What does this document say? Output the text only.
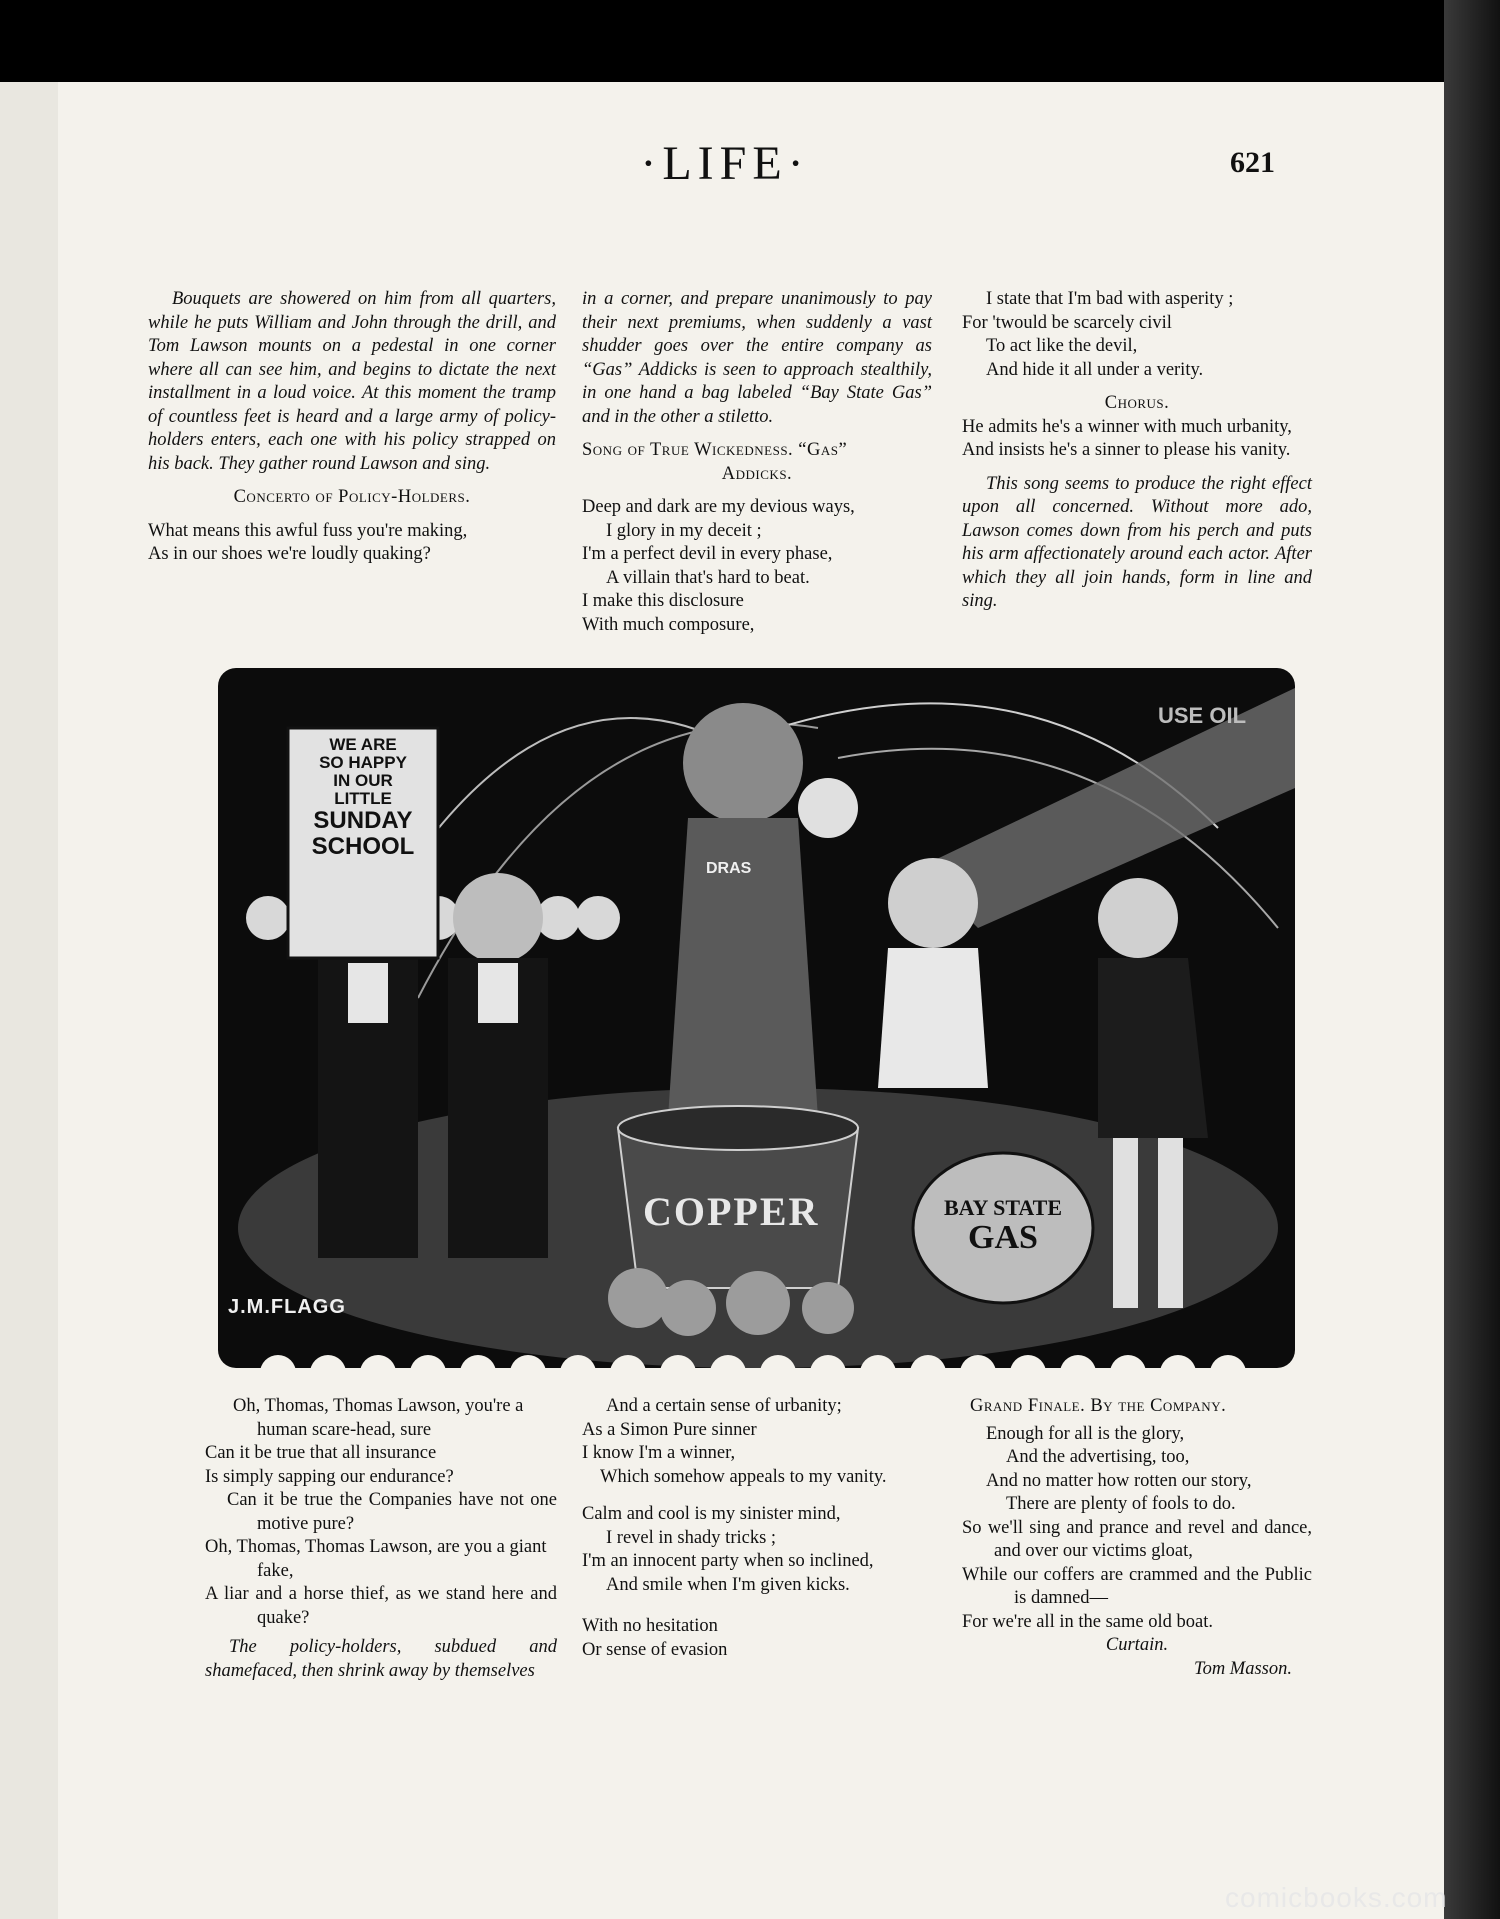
·LIFE·	621

Bouquets are showered on him from all quarters, while he puts William and John through the drill, and Tom Lawson mounts on a pedestal in one corner where all can see him, and begins to dictate the next installment in a loud voice. At this moment the tramp of countless feet is heard and a large army of policy-holders enters, each one with his policy strapped on his back. They gather round Lawson and sing.

Concerto of Policy-Holders.

What means this awful fuss you're making,

As in our shoes we're loudly quaking?

in a corner, and prepare unanimously to pay their next premiums, when suddenly a vast shudder goes over the entire company as “Gas” Addicks is seen to approach stealthily, in one hand a bag labeled “Bay State Gas” and in the other a stiletto.

Song of True Wickedness. “Gas”

Addicks.

Deep and dark are my devious ways,

I glory in my deceit ;

I'm a perfect devil in every phase,

A villain that's hard to beat.

I make this disclosure

With much composure,

I state that I'm bad with asperity ;

For 'twould be scarcely civil

To act like the devil,

And hide it all under a verity.

Chorus.

He admits he's a winner with much urbanity,

And insists he's a sinner to please his vanity.

This song seems to produce the right effect upon all concerned. Without more ado, Lawson comes down from his perch and puts his arm affectionately around each actor. After which they all join hands, form in line and sing.

USE OIL
DRAS
WE ARE
SO HAPPY
IN OUR
LITTLE
SUNDAY
SCHOOL
COPPER	BAY STATE
GAS
J.M.FLAGG

Oh, Thomas, Thomas Lawson, you're a human scare-head, sure

Can it be true that all insurance

Is simply sapping our endurance?

Can it be true the Companies have not one motive pure?

Oh, Thomas, Thomas Lawson, are you a giant fake,

A liar and a horse thief, as we stand here and quake?

The policy-holders, subdued and shamefaced, then shrink away by themselves

And a certain sense of urbanity;

As a Simon Pure sinner

I know I'm a winner,

Which somehow appeals to my vanity.

Calm and cool is my sinister mind,

I revel in shady tricks ;

I'm an innocent party when so inclined,

And smile when I'm given kicks.

With no hesitation

Or sense of evasion

Grand Finale. By the Company.

Enough for all is the glory,

And the advertising, too,

And no matter how rotten our story,

There are plenty of fools to do.

So we'll sing and prance and revel and dance, and over our victims gloat,

While our coffers are crammed and the Public is damned—

For we're all in the same old boat.

Curtain.

Tom Masson.

comicbooks.com
